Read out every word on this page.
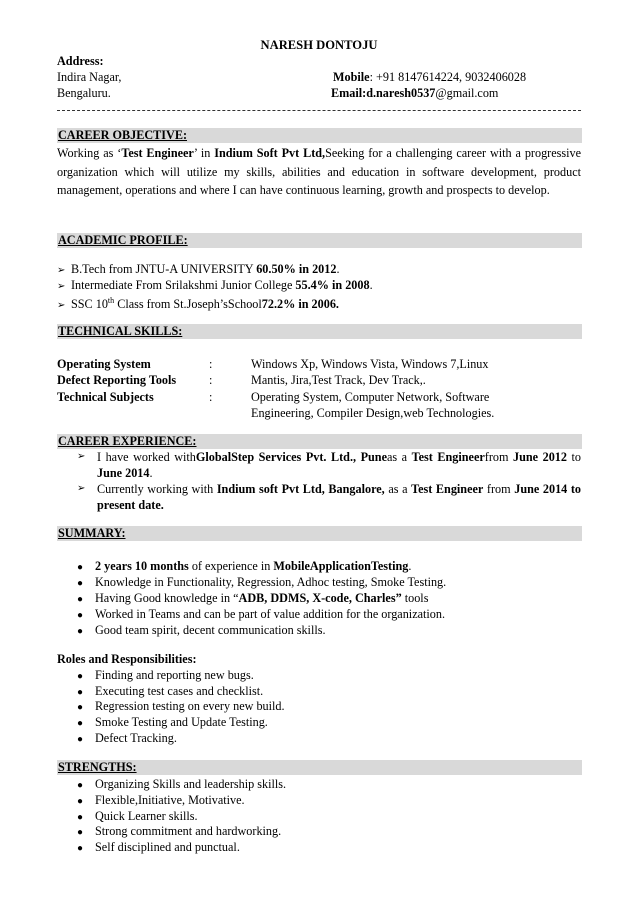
NARESH DONTOJU
Address:
Indira Nagar,
Bengaluru.
Mobile: +91 8147614224, 9032406028
Email:d.naresh0537@gmail.com
CAREER OBJECTIVE:
Working as ‘Test Engineer’ in Indium Soft Pvt Ltd,Seeking for a challenging career with a progressive organization which will utilize my skills, abilities and education in software development, product management, operations and where I can have continuous learning, growth and prospects to develop.
ACADEMIC PROFILE:
➢ B.Tech from JNTU-A UNIVERSITY 60.50% in 2012.
➢ Intermediate From Srilakshmi Junior College 55.4% in 2008.
➢ SSC 10th Class from St.Joseph’sSchool72.2% in 2006.
TECHNICAL SKILLS:
Operating System	:	Windows Xp, Windows Vista, Windows 7,Linux
Defect Reporting Tools	:	Mantis, Jira,Test Track, Dev Track,.
Technical Subjects	:	Operating System, Computer Network, Software Engineering, Compiler Design,web Technologies.
CAREER EXPERIENCE:
➢ I have worked withGlobalStep Services Pvt. Ltd., Puneas a Test Engineerfrom June 2012 to June 2014.
➢ Currently working with Indium soft Pvt Ltd, Bangalore, as a Test Engineer from June 2014 to present date.
SUMMARY:
● 2 years 10 months of experience in MobileApplicationTesting.
● Knowledge in Functionality, Regression, Adhoc testing, Smoke Testing.
● Having Good knowledge in “ADB, DDMS, X-code, Charles” tools
● Worked in Teams and can be part of value addition for the organization.
● Good team spirit, decent communication skills.
Roles and Responsibilities:
● Finding and reporting new bugs.
● Executing test cases and checklist.
● Regression testing on every new build.
● Smoke Testing and Update Testing.
● Defect Tracking.
STRENGTHS:
● Organizing Skills and leadership skills.
● Flexible,Initiative, Motivative.
● Quick Learner skills.
● Strong commitment and hardworking.
● Self disciplined and punctual.
